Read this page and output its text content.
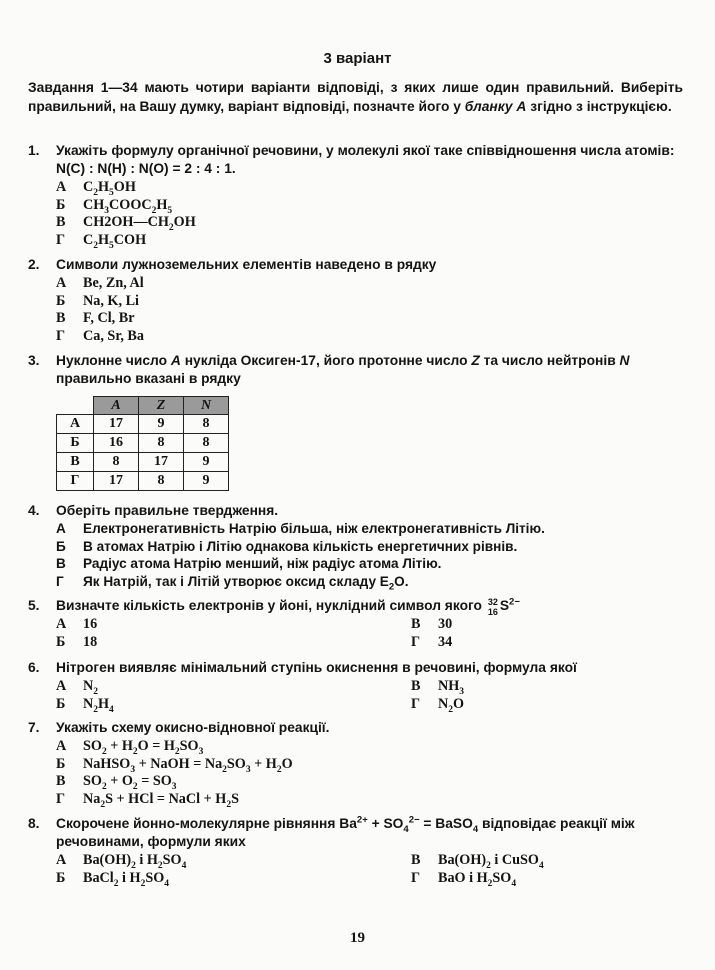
3 варіант
Завдання 1—34 мають чотири варіанти відповіді, з яких лише один правильний. Виберіть правильний, на Вашу думку, варіант відповіді, позначте його у бланку А згідно з інструкцією.
1. Укажіть формулу органічної речовини, у молекулі якої таке співвідношення числа атомів: N(C) : N(H) : N(O) = 2 : 4 : 1.
А $C_2H_5OH$
Б $CH_3COOC_2H_5$
В $CH2OH—CH_2OH$
Г $C_2H_5COH$
2. Символи лужноземельних елементів наведено в рядку
А Be, Zn, Al
Б Na, K, Li
В F, Cl, Br
Г Ca, Sr, Ba
3. Нуклонне число A нукліда Оксиген-17, його протонне число Z та число нейтронів N правильно вказані в рядку
	A	Z	N
А	17	9	8
Б	16	8	8
В	8	17	9
Г	17	8	9
4. Оберіть правильне твердження.
А Електронегативність Натрію більша, ніж електронегативність Літію.
Б В атомах Натрію і Літію однакова кількість енергетичних рівнів.
В Радіус атома Натрію менший, ніж радіус атома Літію.
Г Як Натрій, так і Літій утворює оксид складу $E_2O$.
5. Визначте кількість електронів у йоні, нуклідний символ якого 32
16 $S^{2-}$
А 16	В 30
Б 18	Г 34
6. Нітроген виявляє мінімальний ступінь окиснення в речовині, формула якої
А $N_2$	В $NH_3$
Б $N_2H_4$	Г $N_2O$
7. Укажіть схему окисно-відновної реакції.
А $SO_2 + H_2O = H_2SO_3$
Б NaHSO$_3$ + NaOH = $Na_2SO_3 + H_2O$
В $SO_2 + O_2 = SO_3$
Г $Na_2S$ + HCl = NaCl + $H_2S$
8. Скорочене йонно-молекулярне рівняння $Ba^{2+} + SO_4^{2-}$ = BaSO$_4$ відповідає реакції між речовинами, формули яких
А $Ba(OH)_2$ і $H_2SO_4$	В $Ba(OH)_2$ і CuSO$_4$
Б BaCl$_2$ і $H_2SO_4$	Г BaO і $H_2SO_4$
19
